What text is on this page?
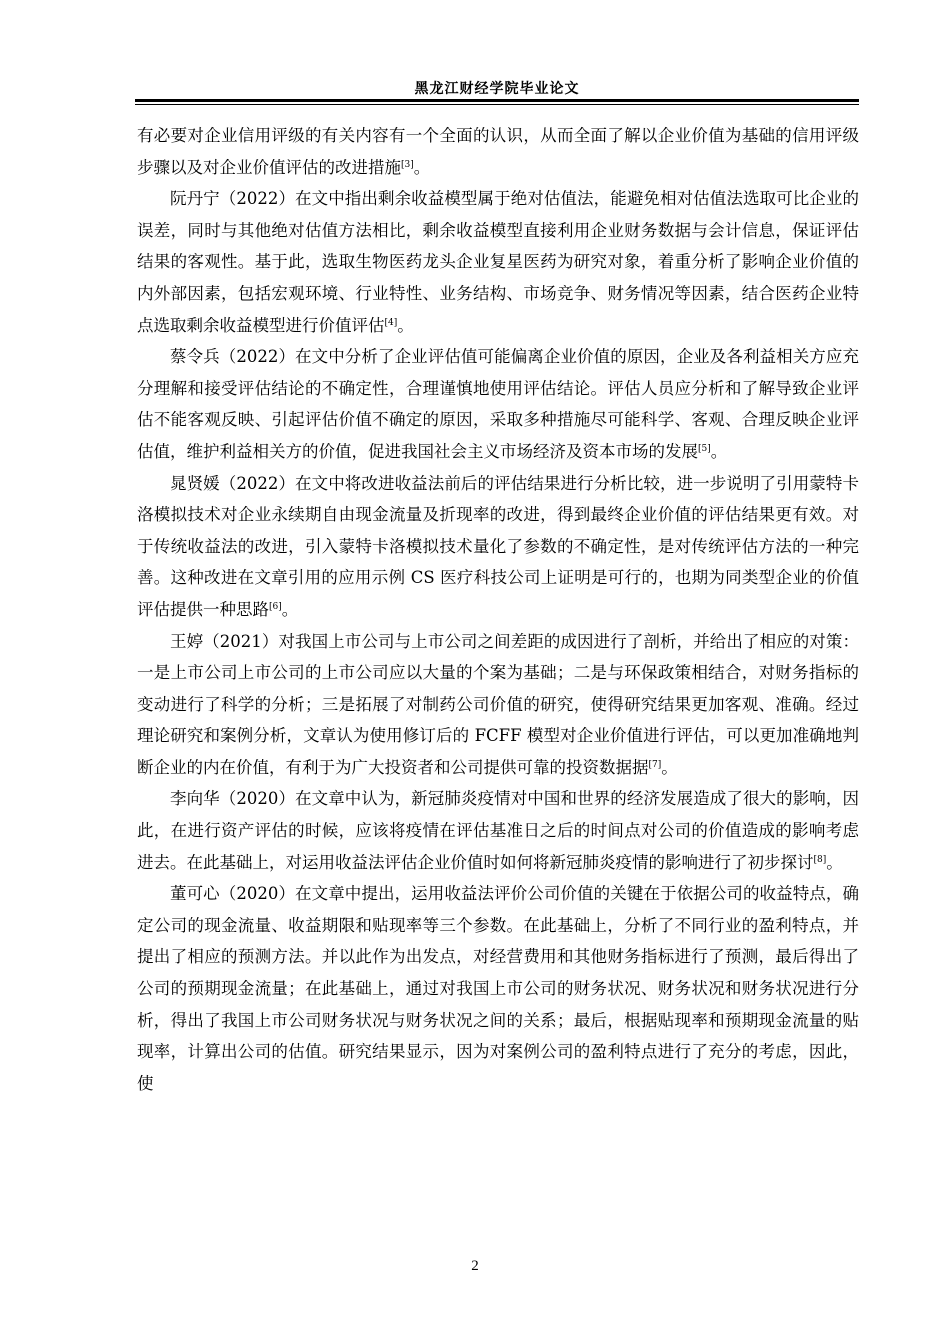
黑龙江财经学院毕业论文

有必要对企业信用评级的有关内容有一个全面的认识，从而全面了解以企业价值为基础的信用评级步骤以及对企业价值评估的改进措施[3]。

阮丹宁（2022）在文中指出剩余收益模型属于绝对估值法，能避免相对估值法选取可比企业的误差，同时与其他绝对估值方法相比，剩余收益模型直接利用企业财务数据与会计信息，保证评估结果的客观性。基于此，选取生物医药龙头企业复星医药为研究对象，着重分析了影响企业价值的内外部因素，包括宏观环境、行业特性、业务结构、市场竞争、财务情况等因素，结合医药企业特点选取剩余收益模型进行价值评估[4]。

蔡令兵（2022）在文中分析了企业评估值可能偏离企业价值的原因，企业及各利益相关方应充分理解和接受评估结论的不确定性，合理谨慎地使用评估结论。评估人员应分析和了解导致企业评估不能客观反映、引起评估价值不确定的原因，采取多种措施尽可能科学、客观、合理反映企业评估值，维护利益相关方的价值，促进我国社会主义市场经济及资本市场的发展[5]。

晁贤媛（2022）在文中将改进收益法前后的评估结果进行分析比较，进一步说明了引用蒙特卡洛模拟技术对企业永续期自由现金流量及折现率的改进，得到最终企业价值的评估结果更有效。对于传统收益法的改进，引入蒙特卡洛模拟技术量化了参数的不确定性，是对传统评估方法的一种完善。这种改进在文章引用的应用示例 CS 医疗科技公司上证明是可行的，也期为同类型企业的价值评估提供一种思路[6]。

王婷（2021）对我国上市公司与上市公司之间差距的成因进行了剖析，并给出了相应的对策：一是上市公司上市公司的上市公司应以大量的个案为基础；二是与环保政策相结合，对财务指标的变动进行了科学的分析；三是拓展了对制药公司价值的研究，使得研究结果更加客观、准确。经过理论研究和案例分析，文章认为使用修订后的 FCFF 模型对企业价值进行评估，可以更加准确地判断企业的内在价值，有利于为广大投资者和公司提供可靠的投资数据据[7]。

李向华（2020）在文章中认为，新冠肺炎疫情对中国和世界的经济发展造成了很大的影响，因此，在进行资产评估的时候，应该将疫情在评估基准日之后的时间点对公司的价值造成的影响考虑进去。在此基础上，对运用收益法评估企业价值时如何将新冠肺炎疫情的影响进行了初步探讨[8]。

董可心（2020）在文章中提出，运用收益法评价公司价值的关键在于依据公司的收益特点，确定公司的现金流量、收益期限和贴现率等三个参数。在此基础上，分析了不同行业的盈利特点，并提出了相应的预测方法。并以此作为出发点，对经营费用和其他财务指标进行了预测，最后得出了公司的预期现金流量；在此基础上，通过对我国上市公司的财务状况、财务状况和财务状况进行分析，得出了我国上市公司财务状况与财务状况之间的关系；最后，根据贴现率和预期现金流量的贴现率，计算出公司的估值。研究结果显示，因为对案例公司的盈利特点进行了充分的考虑，因此，使

2
